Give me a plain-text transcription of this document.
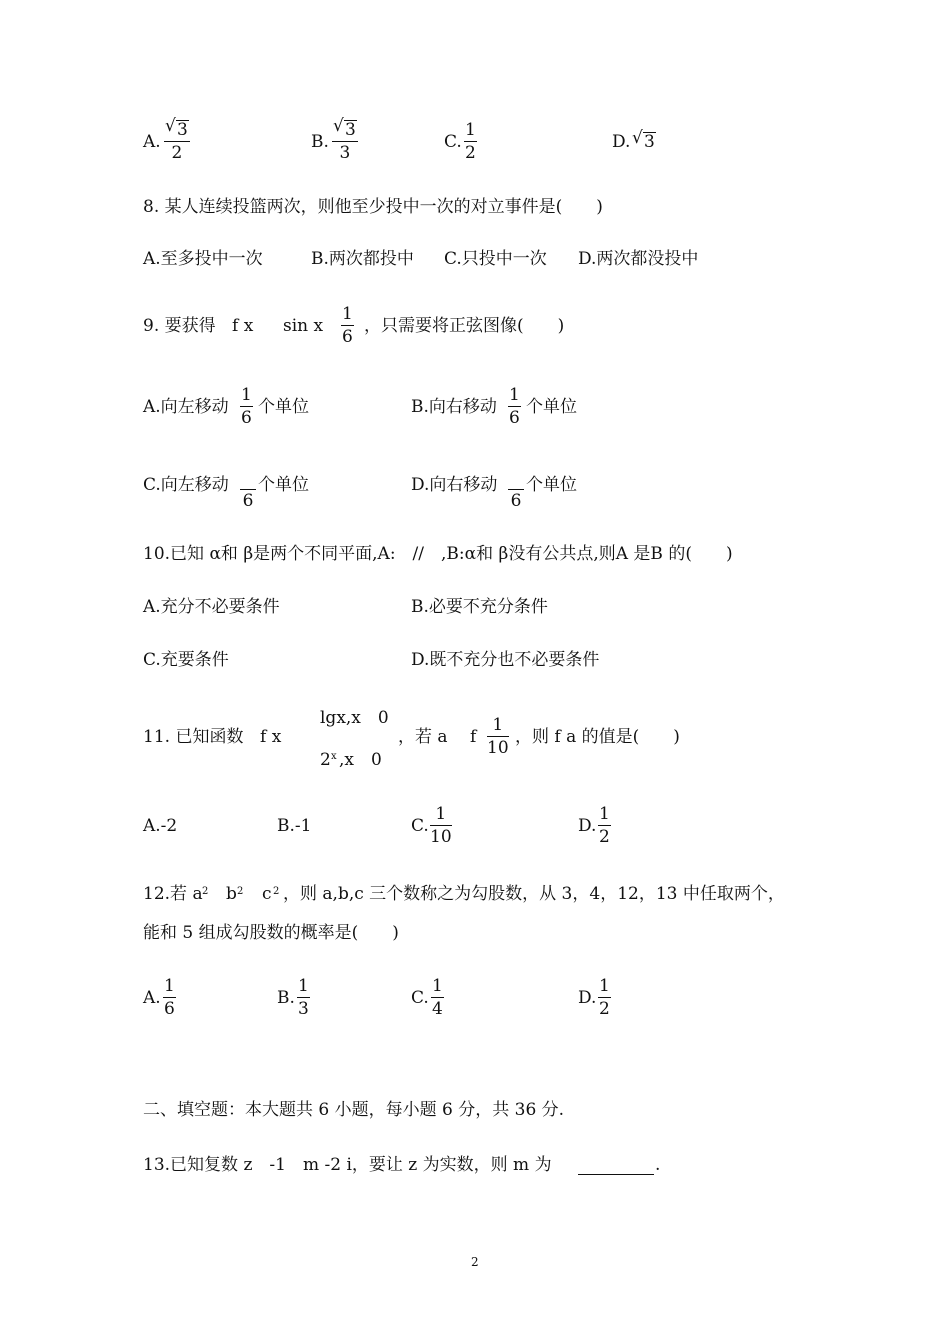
A. $\frac{√ 3}{2}$	B. $\frac{√ 3}{3}$	C. $\frac{1}{2}$	D. √ 3
8. 某人连续投篮两次，则他至少投中一次的对立事件是(　　)
A.至多投中一次	B.两次都投中 C.只投中一次 D.两次都没投中
9. 要获得 f x sin x $\frac{1}{6}$ ，只需要将正弦图像(　　)
A.向左移动 $\frac{1}{6}$ 个单位	B.向右移动 $\frac{1}{6}$ 个单位
C.向左移动
6
个单位	D.向右移动
6
个单位
10.已知 α和 β是两个不同平面,A:　//　,B:α和 β没有公共点,则A 是B 的(　　)
A.充分不必要条件	B.必要不充分条件
C.充要条件	D.既不充分也不必要条件
11. 已知函数 f x
lgx,x　0
2 x ,x　0
，若 a　 f $\frac{1}{10}$ ，则 f a 的值是(　　)
A.-2	B.-1	C. $\frac{1}{10}$	D. $\frac{1}{2}$
12.若 a 2 b 2 c 2 ，则 a,b,c 三个数称之为勾股数，从 3，4，12，13 中任取两个，
能和 5 组成勾股数的概率是(　　)
A. $\frac{1}{6}$	B. $\frac{1}{3}$	C. $\frac{1}{4}$	D. $\frac{1}{2}$
二、填空题：本大题共 6 小题，每小题 6 分，共 36 分.
13.已知复数 z　-1　m -2 i，要让 z 为实数，则 m 为	.
2
